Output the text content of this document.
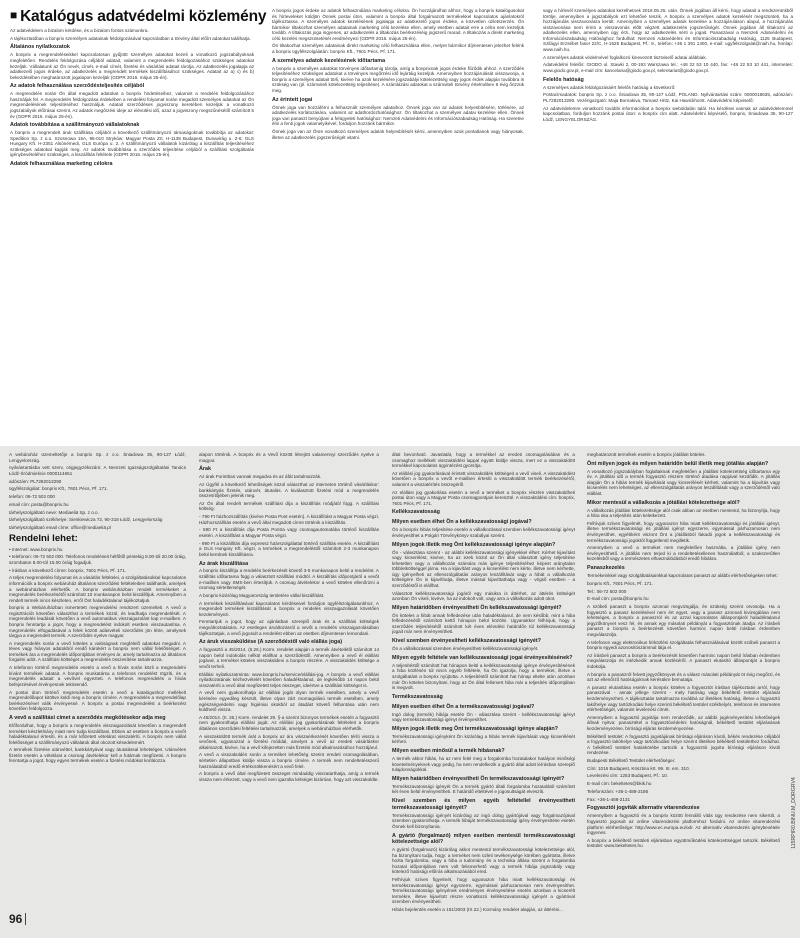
■ Katalógus adatvédelmi közlemény

Az adatvédelem a bizalom kérdése, és a bizalom fontos számunkra.

A tájékoztatóban a bonprix személyes adatainak feldolgozásával kapcsolatban a törvény által előírt adatokat találhatja.

Általános nyilatkozatok

A bonprix a megrendeléseikkel kapcsolatosan gyűjtött személyes adatokat kezeli a vonatkozó jogszabályoknak megfelelően. Rendelés feldolgozása céljából adatait, valamint a megrendelés feldolgozásához szükséges adatokat kezeljük. Vállalatunk az Ön nevét, címét, e-mail címét, fizetési és vásárlási adatait tárolja. Az adatkezelés jogalapja az adatkezelő jogos érdeke, az adatkezelés a megrendelt termékek kiszállításához szükséges. Adatait az a) c) és b) bekezdésében meghatározott jogalapon kezeljük (GDPR 2016. május 25-én).

Az adatok felhasználása szerződésteljesítés céljából

A megrendelés során Ön által megadott adatokat a bonprix hirdetéseihez, valamint a rendelés feldolgozásához használjuk fel. A megrendelés feldolgozása érdekében a rendelési folyamat során megadott személyes adatokat az Ön megrendelésének teljesítéséhez használjuk. Adatait szerződéses jogviszony keretében kezeljük a vonatkozó jogszabályok előírásai szerint. Az adatok megőrzési ideje az elévülési idő, azaz a jogviszony megszűnésétől számított 5 év (GDPR 2016. május 25-én).

Adatok továbbítása a szállítmányozó vállalatoknak

A bonprix a megrendelt áruk szállítása céljából a következő szállítmányozó társaságoknak továbbítja az adatokat: Spedition Sp. z o.o. Szosnowa 15A, 95-010 Stryków; Magyar Posta Zrt. H-1138 Budapest, Dunavirág u. 2-6; GLS Hungary Kft. H-2351 Alsónémedi, GLS Európa u. 2. A szállítmányozó vállalatok kizárólag a kiszállítás teljesítéséhez szükséges adatokat kapják meg. Az adatok továbbítása a szerződés teljesítése céljából a szállítási szolgáltatás igénybevételéhez szükséges, a kiszállítás feltétele (GDPR 2016. május 25-én).

Adatok felhasználása marketing célokra

A bonprix jogos érdeke az adatok felhasználása marketing célokra. Ön hozzájárulhat ahhoz, hogy a bonprix katalógusokat és hírleveleket küldjön Önnek postai úton, valamint a bonprix által forgalmazott termékekkel kapcsolatos ajánlatokról tájékoztassa. A személyes adatok kezelésének jogalapja az adatkezelő jogos érdeke, a közvetlen üzletszerzés. Ön bármikor tiltakozhat személyes adatainak marketing célú kezelése ellen, amely esetben adatait erre a célra nem kezeljük tovább. A tiltakozás joga ingyenes, az adatkezelés a tiltakozás beérkezéséig jogszerű marad. A tiltakozás a direkt marketing célú kezelés megszüntetését eredményezi (GDPR 2016. május 25-én).

Ön tiltakozhat személyes adatainak direkt marketing célú felhasználása ellen, melyet bármikor díjmentesen jelezhet felénk a bonprix ügyfélszolgálatán: bonprix Kft., 7601 Pécs, Pf. 171.

A személyes adatok kezelésének időtartama

A bonprix a személyes adatokat törvényes időtartamig tárolja, amíg a bonprixnak jogos érdeke fűződik ahhoz. A szerződés teljesítéséhez szükséges adatokat a törvényes megőrzési idő lejártáig kezeljük. Amennyiben hozzájárulását visszavonja, a bonprix a személyes adatait törli, kivéve ha azok kezelésére jogszabályi kötelezettség vagy jogos érdek alapján továbbra is szükség van (pl. számviteli kötelezettség teljesítése). A számlázási adatokat a számviteli törvény értelmében 8 évig őrizzük meg.

Az érintett jogai

Önnek joga van hozzáférni a felhasznált személyes adataihoz. Önnek joga van az adatok helyesbítésére, törlésére, az adatkezelés korlátozására, valamint az adathordozhatósághoz. Ön tiltakozhat a személyes adatai kezelése ellen. Önnek joga van panaszt benyújtani a felügyeleti hatósághoz: Nemzeti Adatvédelmi és Információszabadság Hatóság. Ha szeretne élni a fenti jogok valamelyikével, forduljon hozzánk bármikor.

Önnek joga van az Önre vonatkozó személyes adatok helyesbítését kérni, amennyiben azok pontatlanok vagy hiányosak, illetve az adatkezelés jogszerűségét vitatni.

vagy a hírlevél személyes adatokat kezelhetnek 2018.05.25. után. Önnek jogában áll kérni, hogy adatait a rendszerünkből törölje, amennyiben a jogszabályok ezt lehetővé teszik. A bonprix a személyes adatok kezelését megszünteti, ha a hozzájárulás visszavonásra került. Amennyiben a személyes adatok kezelése a hozzájáruláson alapul, a hozzájárulás visszavonása nem érinti a visszavonás előtt végzett adatkezelés jogszerűségét. Önnek jogában áll tiltakozni az adatkezelés ellen, amennyiben úgy érzi, hogy az adatkezelés sérti a jogait. Panaszával a Nemzeti Adatvédelmi és Információszabadság Hatósághoz fordulhat: Nemzeti Adatvédelmi és Információszabadság Hatóság, 1125 Budapest, Szilágyi Erzsébet fasor 22/C, H-1525 Budapest, Pf.: 9., telefon: +36 1 391 1400, e-mail: ugyfelszolgalat@naih.hu, honlap: www.naih.hu.

A személyes adatok védelmével foglalkozó kinevezett tisztviselő adatai alábbiak.

Adatvédelmi felelős: GIODO ul. Stawki 2, 00-193 Warszawa tel.: +48 22 53 10 440, fax: +48 22 53 10 441, internetes: www.giodo.gov.pl, e-mail cím: kancelaria@giodo.gov.pl, sekretariat@giodo.gov.pl.

Felelős hatóság

A személyes adatok feldolgozásáért felelős hatóság a következő:

Postacímadatok: bonprix Sp. z o.o. Śniadowa 35, 90-127 Łódź, POLAND. Nyilvántartási szám: 0000018635, adószám: PL7282013290. Vezérigazgató: Maja Bornakiva, Tamasz Hritz, Kai Hawickhorst. Adatvédelmi képviselő:

Az adatvédelemre vonatkozó további információkat a bonprix weboldalán talál. Ha kérdései vannak az adatvédelemmel kapcsolatban, forduljon hozzánk postai úton: a bonprix cím alatt. Adatvédelmi képviselő, bonprix, Śniadowa 35, 90-127 Łódź, LENGYELORSZÁG.

A webáruház üzemeltetője a bonprix Sp. z o.o. Śniadowa 35, 90-127 Łódź, Lengyelország.

nyilvántartásba vett szerv, cégjegyzékszám: A Nemzeti Igazságszolgáltatási Tanács Łódź-Śródmieście 0000114651

adószám: PL7282013290

ügyfélszolgálat: bonprix Kft., 7601 Pécs, Pf. 171.

telefon: 06-72 502 000

email cím: posta@bonprix.hu

tárhelyszolgáltató neve: Mediaeliä Sp. z o.o.

tárhelyszolgáltató székhelye: Sienkiewicza 72, 90-318 Łódź, Lengyelország

tárhelyszolgáltató email címe: office@mediaeliä.pl

Rendelni lehet:

• Internet: www.bonprix.hu

• telefonon: 06-72 502 000. Telefonos rendeléseit hétfőtől péntekig 8.00-tól 20.00 óráig, szombaton 8.00-tól 15.00 óráig fogadjuk.

• írásban a következő címre: bonprix, 7601 Pécs, Pf. 171.

A teljes megrendelési folyamat és a vásárlás feltételei, a szolgáltatásokkal kapcsolatos információk a bonprix webáruház általános szerződési feltételeiben találhatók, amelyek a webáruházban elérhetők. A bonprix webáruházban rendelt termékeket a megrendelés beérkezésétől számított 10 munkanapon belül kiszállítjuk. Amennyiben a rendelt termék nincs készleten, erről Önt haladéktalanul tájékoztatjuk.

bonprix a Webáruházban ismertetett megrendelési rendszert üzemelteti. A vevő a regisztrációt követően választhat a termékek közül, és leadhatja megrendelését. A megrendelés leadását követően a vevő automatikus visszaigazolást kap e-mailben. A bonprix fenntartja a jogot, hogy a megrendelést indokolt esetben visszautasítsa. A megrendelés elfogadásával a felek között adásvételi szerződés jön létre, amelynek tárgya a megrendelt termék. A szerződés nyelve magyar.

A megrendelés során a vevő köteles a valóságnak megfelelő adatokat megadni. A téves vagy hiányos adatokból eredő károkért a bonprix nem vállal felelősséget. A termékek ára a megrendelés időpontjában érvényes ár, amely tartalmazza az általános forgalmi adót. A szállítási költséget a megrendelés összesítése tartalmazza.

A telefonon történő megrendelés esetén a vevő a hívás során közli a megrendelni kívánt termékek adatait. A bonprix munkatársa a telefonos rendelést rögzíti, és a megrendelés adatait a vevővel egyezteti. A telefonos megrendelés a hívás befejezésével érvényesnek tekintendő.

A postai úton történő megrendelés esetén a vevő a katalógushoz mellékelt megrendelőlapot kitöltve küldi meg a bonprix címére. A megrendelés a megrendelőlap beérkezésével válik érvényessé. A bonprix a postai megrendelést a beérkezést követően feldolgozza.

A vevő a szállítási címet a szerződés megkötésekor adja meg

Előfordulhat, hogy a bonprix a megrendelés visszaigazolását követően a megrendelt terméket készlethiány miatt nem tudja kiszállítani. Ebben az esetben a bonprix a vevőt haladéktalanul értesíti, és a már kifizetett vételárat visszatéríti. A bonprix nem vállal felelősséget a szállítmányozó vállalatok által okozott késedelemért.

A termékek fizetése utánvéttel, bankkártyával vagy átutalással lehetséges. Utánvétes fizetés esetén a vételárat a csomag átvételekor kell a futárnak megfizetni. A bonprix fenntartja a jogot, hogy egyes termékek esetén a fizetési módokat korlátozza.

alapon történik. A bonprix és a Vevő között létrejött valamennyi szerződés nyelve a magyar.

Árak

Az árak Forintban vannak megadva és az áfát tartalmazzák.

Az Ügyfél a következő lehetőségek közül választhat az interneten történő vásárláskor: bankkártyás fizetés, utánvét, átutalás. A kiválasztott fizetési mód a megrendelés összesítőjében jelenik meg.

Az Ön által rendelt termékek szállítási díja a kiszállítás módjától függ. A szállítási költség:

- 790 Ft házhozszállítás (kivéve Posta Pont esetén). A kiszállítást a Magyar Posta végzi. Házhozszállítás esetén a vevő által megadott címre történik a kiszállítás.

- 590 Ft a kiszállítás díja Posta Pontra vagy csomagautomatába történő kiszállítás esetén. A kiszállítást a Magyar Posta végzi.

- 990 Ft a kiszállítás díja expressz futárszolgálattal történő szállítás esetén. A kiszállítást a GLS Hungary Kft. végzi, a termékek a megrendeléstől számított 2-3 munkanapon belül kerülnek kiszállításra.

Az árak kiszállítása

A bonprix kiszállítja a rendelés beérkezését követő 3-5 munkanapon belül a rendelést. A szállítás időtartama függ a választott szállítási módtól. A kiszállítás időpontjáról a vevőt e-mailben vagy SMS-ben értesítjük. A csomag átvételekor a vevő köteles ellenőrizni a csomag sértetlenségét.

A bonprix kizárólag Magyarország területére vállal kiszállítást.

A termékek kiszállításával kapcsolatos kérdéseivel forduljon ügyfélszolgálatunkhoz. A megrendelt termékek kiszállítását a bonprix a rendelés visszaigazolását követően kezdeményezi.

Fenntartjuk a jogot, hogy az ajánlatban szereplő árak és a szállítási költségek megváltoztatására. Az esetleges árváltozásról a vevőt a rendelés visszaigazolásában tájékoztatjuk, a vevő jogosult a rendelést ebben az esetben díjmentesen lemondani.

Az áruk visszaküldése (A szerződéstől való elállás joga)

A fogyasztó a 45/2014. (II.26.) Korm. rendelet alapján a termék átvételétől számított 14 napon belül indokolás nélkül elállhat a szerződéstől. Amennyiben a vevő él elállási jogával, a terméket köteles visszaküldeni a bonprix részére. A visszaküldés költsége a vevőt terheli.

Elállási nyilatkozatminta: www.bonprix.hu/service/elállási-jog. A bonprix a vevő elállási nyilatkozatának kézhezvételét követően haladéktalanul, de legkésőbb 14 napon belül visszatéríti a vevő által megfizetett teljes összeget, ideértve a szállítási költséget is.

A vevő nem gyakorolhatja az elállási jogát olyan termék esetében, amely a vevő kérésére egyedileg készült, illetve olyan zárt csomagolású termék esetében, amely egészségvédelmi vagy higiéniai okokból az átadást követő felbontása után nem küldhető vissza.

A 45/2014. (II. 26.) Korm. rendelet 29. §-a szerint bizonyos termékek esetén a fogyasztó nem gyakorolhatja elállási jogát. Az elállási jog gyakorlásának feltételeit a bonprix általános szerződési feltételei tartalmazzák, amelyek a webáruházban elérhetők.

A visszaküldött termék árát a bonprix az áru visszaérkezését követően téríti vissza a vevőnek, ugyanazzal a fizetési móddal, amelyet a vevő az eredeti vásárláskor alkalmazott, kivéve, ha a vevő kifejezetten más fizetési mód alkalmazásához hozzájárul.

A vevő a visszaküldés során a terméket lehetőség szerint eredeti csomagolásában, sértetlen állapotban küldje vissza a bonprix címére. A termék nem rendeltetésszerű használatából eredő értékcsökkenésért a vevő felel.

A bonprix a vevő által megfizetett összeget mindaddig visszatarthatja, amíg a termék vissza nem érkezett, vagy a vevő nem igazolta kétséget kizáróan, hogy azt visszaküldte.

által bevonható. Javaslatát, hogy a termékkel az eredeti csomagolásában és a csomaghoz mellékelt visszaküldési lappal együtt küldje vissza, mert ez a visszaküldött termékkel kapcsolatos ügyintézést gyorsítja.

Az elállási jog gyakorlásával érintett visszaküldés költségeit a vevő viseli. A visszaküldést követően a bonprix a vevőt e-mailben értesíti a visszaküldött termék beérkezéséről, valamint a visszatérítés összegéről.

Az elállási jog gyakorlása esetén a vevő a terméket a bonprix részére visszaküldheti postai úton vagy a Magyar Posta csomagpontjain keresztül. A visszaküldési cím: bonprix, 7601 Pécs, Pf. 171.

Kellékszavatosság

Milyen esetben élhet Ön a kellékszavatossági jogával?

Ön a bonprix hibás teljesítése esetén a vállalkozással szemben kellékszavatossági igényt érvényesíthet a Polgári Törvénykönyv szabályai szerint.

Milyen jogok illetik meg Önt kellékszavatossági igénye alapján?

Ön - választása szerint - az alábbi kellékszavatossági igényekkel élhet: Kérhet kijavítást vagy kicserélést, kivéve, ha az ezek közül az Ön által választott igény teljesítése lehetetlen vagy a vállalkozás számára más igénye teljesítéséhez képest aránytalan többletköltséggel járna. Ha a kijavítást vagy a kicserélést nem kérte, illetve nem kérhette, úgy igényelheti az ellenszolgáltatás arányos leszállítását vagy a hibát a vállalkozás költségére Ön is kijavíthatja, illetve mással kijavíttathatja vagy - végső esetben - a szerződéstől is elállhat.

Választott kellékszavatossági jogáról egy másikra is áttérhet, az áttérés költségét azonban Ön viseli, kivéve, ha az indokolt volt, vagy arra a vállalkozás adott okot.

Milyen határidőben érvényesítheti Ön kellékszavatossági igényét?

Ön köteles a hibát annak felfedezése után haladéktalanul, de nem később, mint a hiba felfedezésétől számított kettő hónapon belül közölni. Ugyanakkor felhívjuk, hogy a szerződés teljesítésétől számított két éves elévülési határidőn túl kellékszavatossági jogait már nem érvényesítheti.

Kivel szemben érvényesítheti kellékszavatossági igényét?

Ön a vállalkozással szemben érvényesítheti kellékszavatossági igényét.

Milyen egyéb feltétele van kellékszavatossági jogai érvényesítésének?

A teljesítéstől számított hat hónapon belül a kellékszavatossági igénye érvényesítésének a hiba közlésén túl nincs egyéb feltétele, ha Ön igazolja, hogy a terméket, illetve a szolgáltatást a bonprix nyújtotta. A teljesítéstől számított hat hónap eltelte után azonban már Ön köteles bizonyítani, hogy az Ön által felismert hiba már a teljesítés időpontjában is megvolt.

Termékszavatosság

Milyen esetben élhet Ön a termékszavatossági jogával?

Ingó dolog (termék) hibája esetén Ön - választása szerint - kellékszavatossági igényt vagy termékszavatossági igényt érvényesíthet.

Milyen jogok illetik meg Önt termékszavatossági igénye alapján?

Termékszavatossági igényként Ön kizárólag a hibás termék kijavítását vagy kicserélését kérheti.

Milyen esetben minősül a termék hibásnak?

A termék akkor hibás, ha az nem felel meg a forgalomba hozatalakor hatályos minőségi követelményeknek vagy pedig, ha nem rendelkezik a gyártó által adott leírásban szereplő tulajdonságokkal.

Milyen határidőben érvényesítheti Ön termékszavatossági igényét?

Termékszavatossági igényét Ön a termék gyártó általi forgalomba hozatalától számított két éven belül érvényesítheti. E határidő elteltével e jogosultságát elveszíti.

Kivel szemben és milyen egyéb feltétellel érvényesítheti termékszavatossági igényét?

Termékszavatossági igényét kizárólag az ingó dolog gyártójával vagy forgalmazójával szemben gyakorolhatja. A termék hibáját termékszavatossági igény érvényesítése esetén Önnek kell bizonyítania.

A gyártó (forgalmazó) milyen esetben mentesül termékszavatossági kötelezettsége alól?

A gyártó (forgalmazó) kizárólag akkor mentesül termékszavatossági kötelezettsége alól, ha bizonyítani tudja, hogy: a terméket nem üzleti tevékenysége körében gyártotta, illetve hozta forgalomba, vagy a hiba a tudomány és a technika állása szerint a forgalomba hozatal időpontjában nem volt felismerhető vagy a termék hibája jogszabály vagy kötelező hatósági előírás alkalmazásából ered.

Felhívjuk szíves figyelmét, hogy ugyanazon hiba miatt kellékszavatossági és termékszavatossági igényt egyszerre, egymással párhuzamosan nem érvényesíthet. Termékszavatossági igényének eredményes érvényesítése esetén azonban a kicserélt termékre, illetve kijavított részre vonatkozó kellékszavatossági igényét a gyártóval szemben érvényesítheti.

Hibás bejelentés esetén a 151/2003 (IX.22.) Kormány rendelet alapján, az áttérési...

meghatározott termékek esetén a bonprix jótállást köteles.

Önt milyen jogok és milyen határidőn belül illetik meg jótállás alapján?

A vonatkozó jogszabályban foglaltaknak megfelelően a jótállási kötelezettség időtartama egy év. A jótállási idő a termék fogyasztó részére történő átadása napjával kezdődik. A jótállás alapján Ön a hibás termék kijavítását vagy kicserélését kérheti, valamint ha a kijavítás vagy kicserélés nem lehetséges, az ellenszolgáltatás arányos leszállítását vagy a szerződéstől való elállást.

Mikor mentesül a vállalkozás a jótállási kötelezettsége alól?

A vállalkozás jótállási kötelezettsége alól csak abban az esetben mentesül, ha bizonyítja, hogy a hiba oka a teljesítés után keletkezett.

Felhívjuk szíves figyelmét, hogy ugyanazon hiba miatt kellékszavatossági és jótállási igényt, illetve termékszavatossági és jótállási igényt egyszerre, egymással párhuzamosan nem érvényesíthet, egyébként viszont Önt a jótállásból fakadó jogok a kellékszavatossági és termékszavatossági jogoktól függetlenül megilletik.

Amennyiben a vevő a terméket nem megfelelően használta, a jótállási igény nem érvényesíthető. A jótállás nem terjed ki a rendeltetésellenes használatból, a szakszerűtlen kezelésből vagy a természetes elhasználódásból eredő hibákra.

Panaszkezelés

Termékeinkkel vagy szolgáltatásainkkal kapcsolatos panaszt az alábbi elérhetőségeken tehet:

bonprix Kft., 7601 Pécs, Pf. 171.

Tel.: 06-72 502 000

E-mail cím: posta@bonprix.hu

A szóbeli panaszt a bonprix azonnal megvizsgálja, és szükség szerint orvosolja. Ha a fogyasztó a panasz kezelésével nem ért egyet, vagy a panasz azonnali kivizsgálása nem lehetséges, a bonprix a panaszról és az azzal kapcsolatos álláspontjáról haladéktalanul jegyzőkönyvet vesz fel, és annak egy másolati példányát a fogyasztónak átadja. Az írásbeli panaszt a bonprix a beérkezését követően harminc napon belül írásban érdemben megválaszolja.

A telefonon vagy elektronikus hírközlési szolgáltatás felhasználásával közölt szóbeli panaszt a bonprix egyedi azonosítószámmal látja el.

Az írásbeli panaszt a bonprix a beérkezését követően harminc napon belül írásban érdemben megválaszolja és intézkedik annak közléséről. A panaszt elutasító álláspontját a bonprix indokolja.

A bonprix a panaszról felvett jegyzőkönyvet és a válasz másolati példányát öt évig megőrzi, és azt az ellenőrző hatóságoknak kérésükre bemutatja.

A panasz elutasítása esetén a bonprix köteles a fogyasztót írásban tájékoztatni arról, hogy panaszával - annak jellege szerint - mely hatóság vagy békéltető testület eljárását kezdeményezheti. A tájékoztatás tartalmazza továbbá az illetékes hatóság, illetve a fogyasztó lakóhelye vagy tartózkodási helye szerinti békéltető testület székhelyét, telefonos és internetes elérhetőségét, valamint levelezési címét.

Amennyiben a fogyasztó jogvitája nem rendeződik, az alábbi jogérvényesítési lehetőségek állnak nyitva: panasztétel a fogyasztóvédelmi hatóságnál, békéltető testület eljárásának kezdeményezése, bírósági eljárás kezdeményezése.

Békéltető testület: A fogyasztó jogvitájának bírósági eljáráson kívüli, békés rendezése céljából a fogyasztó lakóhelye vagy tartózkodási helye szerint illetékes békéltető testülethez fordulhat. A békéltető testület hatáskörébe tartozik a fogyasztói jogvita bírósági eljáráson kívüli rendezése.

Budapesti Békéltető Testület elérhetőségei:

Cím: 1016 Budapest, Krisztina krt. 99. III. em. 310.

Levelezési cím: 1253 Budapest, Pf.: 10.

E-mail cím: bekeltetes@bkik.hu

Telefonszám: +36-1-488-2186

Fax: +36-1-488-2131

Fogyasztói jogviták alternatív vitarendezése

Amennyiben a fogyasztó és a bonprix között fennálló vitás ügy rendezése nem sikerült, a fogyasztó jogosult az online vitarendezési platformhoz fordulni. Az online vitarendezési platform elérhetősége: http://www.ec.europa.eu/odr. Az alternatív vitarendezés igénybevétele ingyenes.

A bonprix a békéltető testületi eljárásban együttműködési kötelezettséggel tartozik. Békéltető testület: www.bekeltetes.hu

96
115RPIR0.BINU.M_DORGRV4
